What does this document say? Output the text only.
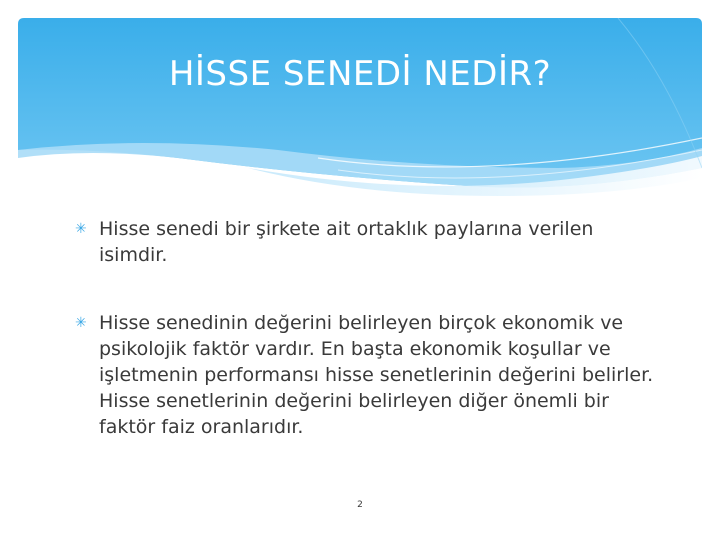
HİSSE SENEDİ NEDİR?

✳ Hisse senedi bir şirkete ait ortaklık paylarına verilen isimdir.

✳ Hisse senedinin değerini belirleyen birçok ekonomik ve psikolojik faktör vardır. En başta ekonomik koşullar ve işletmenin performansı hisse senetlerinin değerini belirler. Hisse senetlerinin değerini belirleyen diğer önemli bir faktör faiz oranlarıdır.

2
